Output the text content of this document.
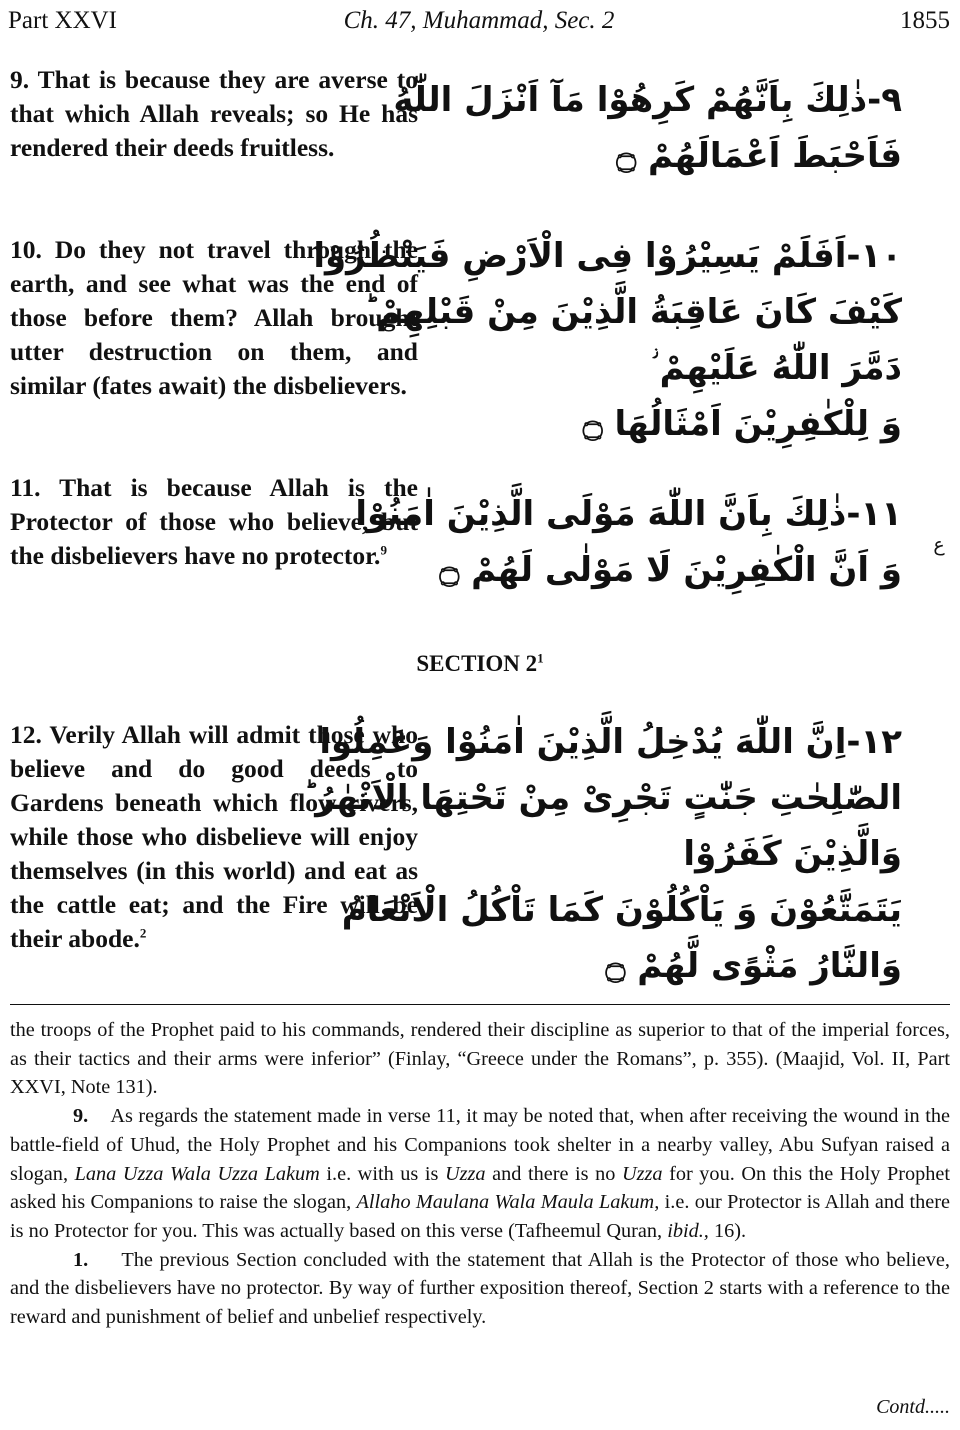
Part XXVI	Ch. 47, Muhammad, Sec. 2	1855
9. That is because they are averse to that which Allah reveals; so He has rendered their deeds fruitless.
٩-ذٰلِكَ بِاَنَّهُمْ كَرِهُوْا مَآ اَنْزَلَ اللّٰهُ
فَاَحْبَطَ اَعْمَالَهُمْ ۝
10. Do they not travel through the earth, and see what was the end of those before them? Allah brought utter destruction on them, and similar (fates await) the disbelievers.
١٠-اَفَلَمْ يَسِيْرُوْا فِى الْاَرْضِ فَيَنْظُرُوْا
كَيْفَ كَانَ عَاقِبَةُ الَّذِيْنَ مِنْ قَبْلِهِمْ ؕ
دَمَّرَ اللّٰهُ عَلَيْهِمْ ؗ
وَ لِلْكٰفِرِيْنَ اَمْثَالُهَا ۝
11. That is because Allah is the Protector of those who believe, but the disbelievers have no protector.$^9$
١١-ذٰلِكَ بِاَنَّ اللّٰهَ مَوْلَى الَّذِيْنَ اٰمَنُوْا
وَ اَنَّ الْكٰفِرِيْنَ لَا مَوْلٰى لَهُمْ ۝
ع
SECTION $2^1$
12. Verily Allah will admit those who believe and do good deeds to Gardens beneath which flow rivers, while those who disbelieve will enjoy themselves (in this world) and eat as the cattle eat; and the Fire will be their abode.$^2$
١٢-اِنَّ اللّٰهَ يُدْخِلُ الَّذِيْنَ اٰمَنُوْا وَعَمِلُوا
الصّٰلِحٰتِ جَنّٰتٍ تَجْرِىْ مِنْ تَحْتِهَا الْاَنْهٰرُ ؕ
وَالَّذِيْنَ كَفَرُوْا
يَتَمَتَّعُوْنَ وَ يَاْكُلُوْنَ كَمَا تَاْكُلُ الْاَنْعَامُ
وَالنَّارُ مَثْوًى لَّهُمْ ۝

the troops of the Prophet paid to his commands, rendered their discipline as superior to that of the imperial forces, as their tactics and their arms were inferior” (Finlay, “Greece under the Romans”, p. 355). (Maajid, Vol. II, Part XXVI, Note 131).

9. As regards the statement made in verse 11, it may be noted that, when after receiving the wound in the battle-field of Uhud, the Holy Prophet and his Companions took shelter in a nearby valley, Abu Sufyan raised a slogan, Lana Uzza Wala Uzza Lakum i.e. with us is Uzza and there is no Uzza for you. On this the Holy Prophet asked his Companions to raise the slogan, Allaho Maulana Wala Maula Lakum, i.e. our Protector is Allah and there is no Protector for you. This was actually based on this verse (Tafheemul Quran, ibid., 16).

1. The previous Section concluded with the statement that Allah is the Protector of those who believe, and the disbelievers have no protector. By way of further exposition thereof, Section 2 starts with a reference to the reward and punishment of belief and unbelief respectively.

Contd.....
